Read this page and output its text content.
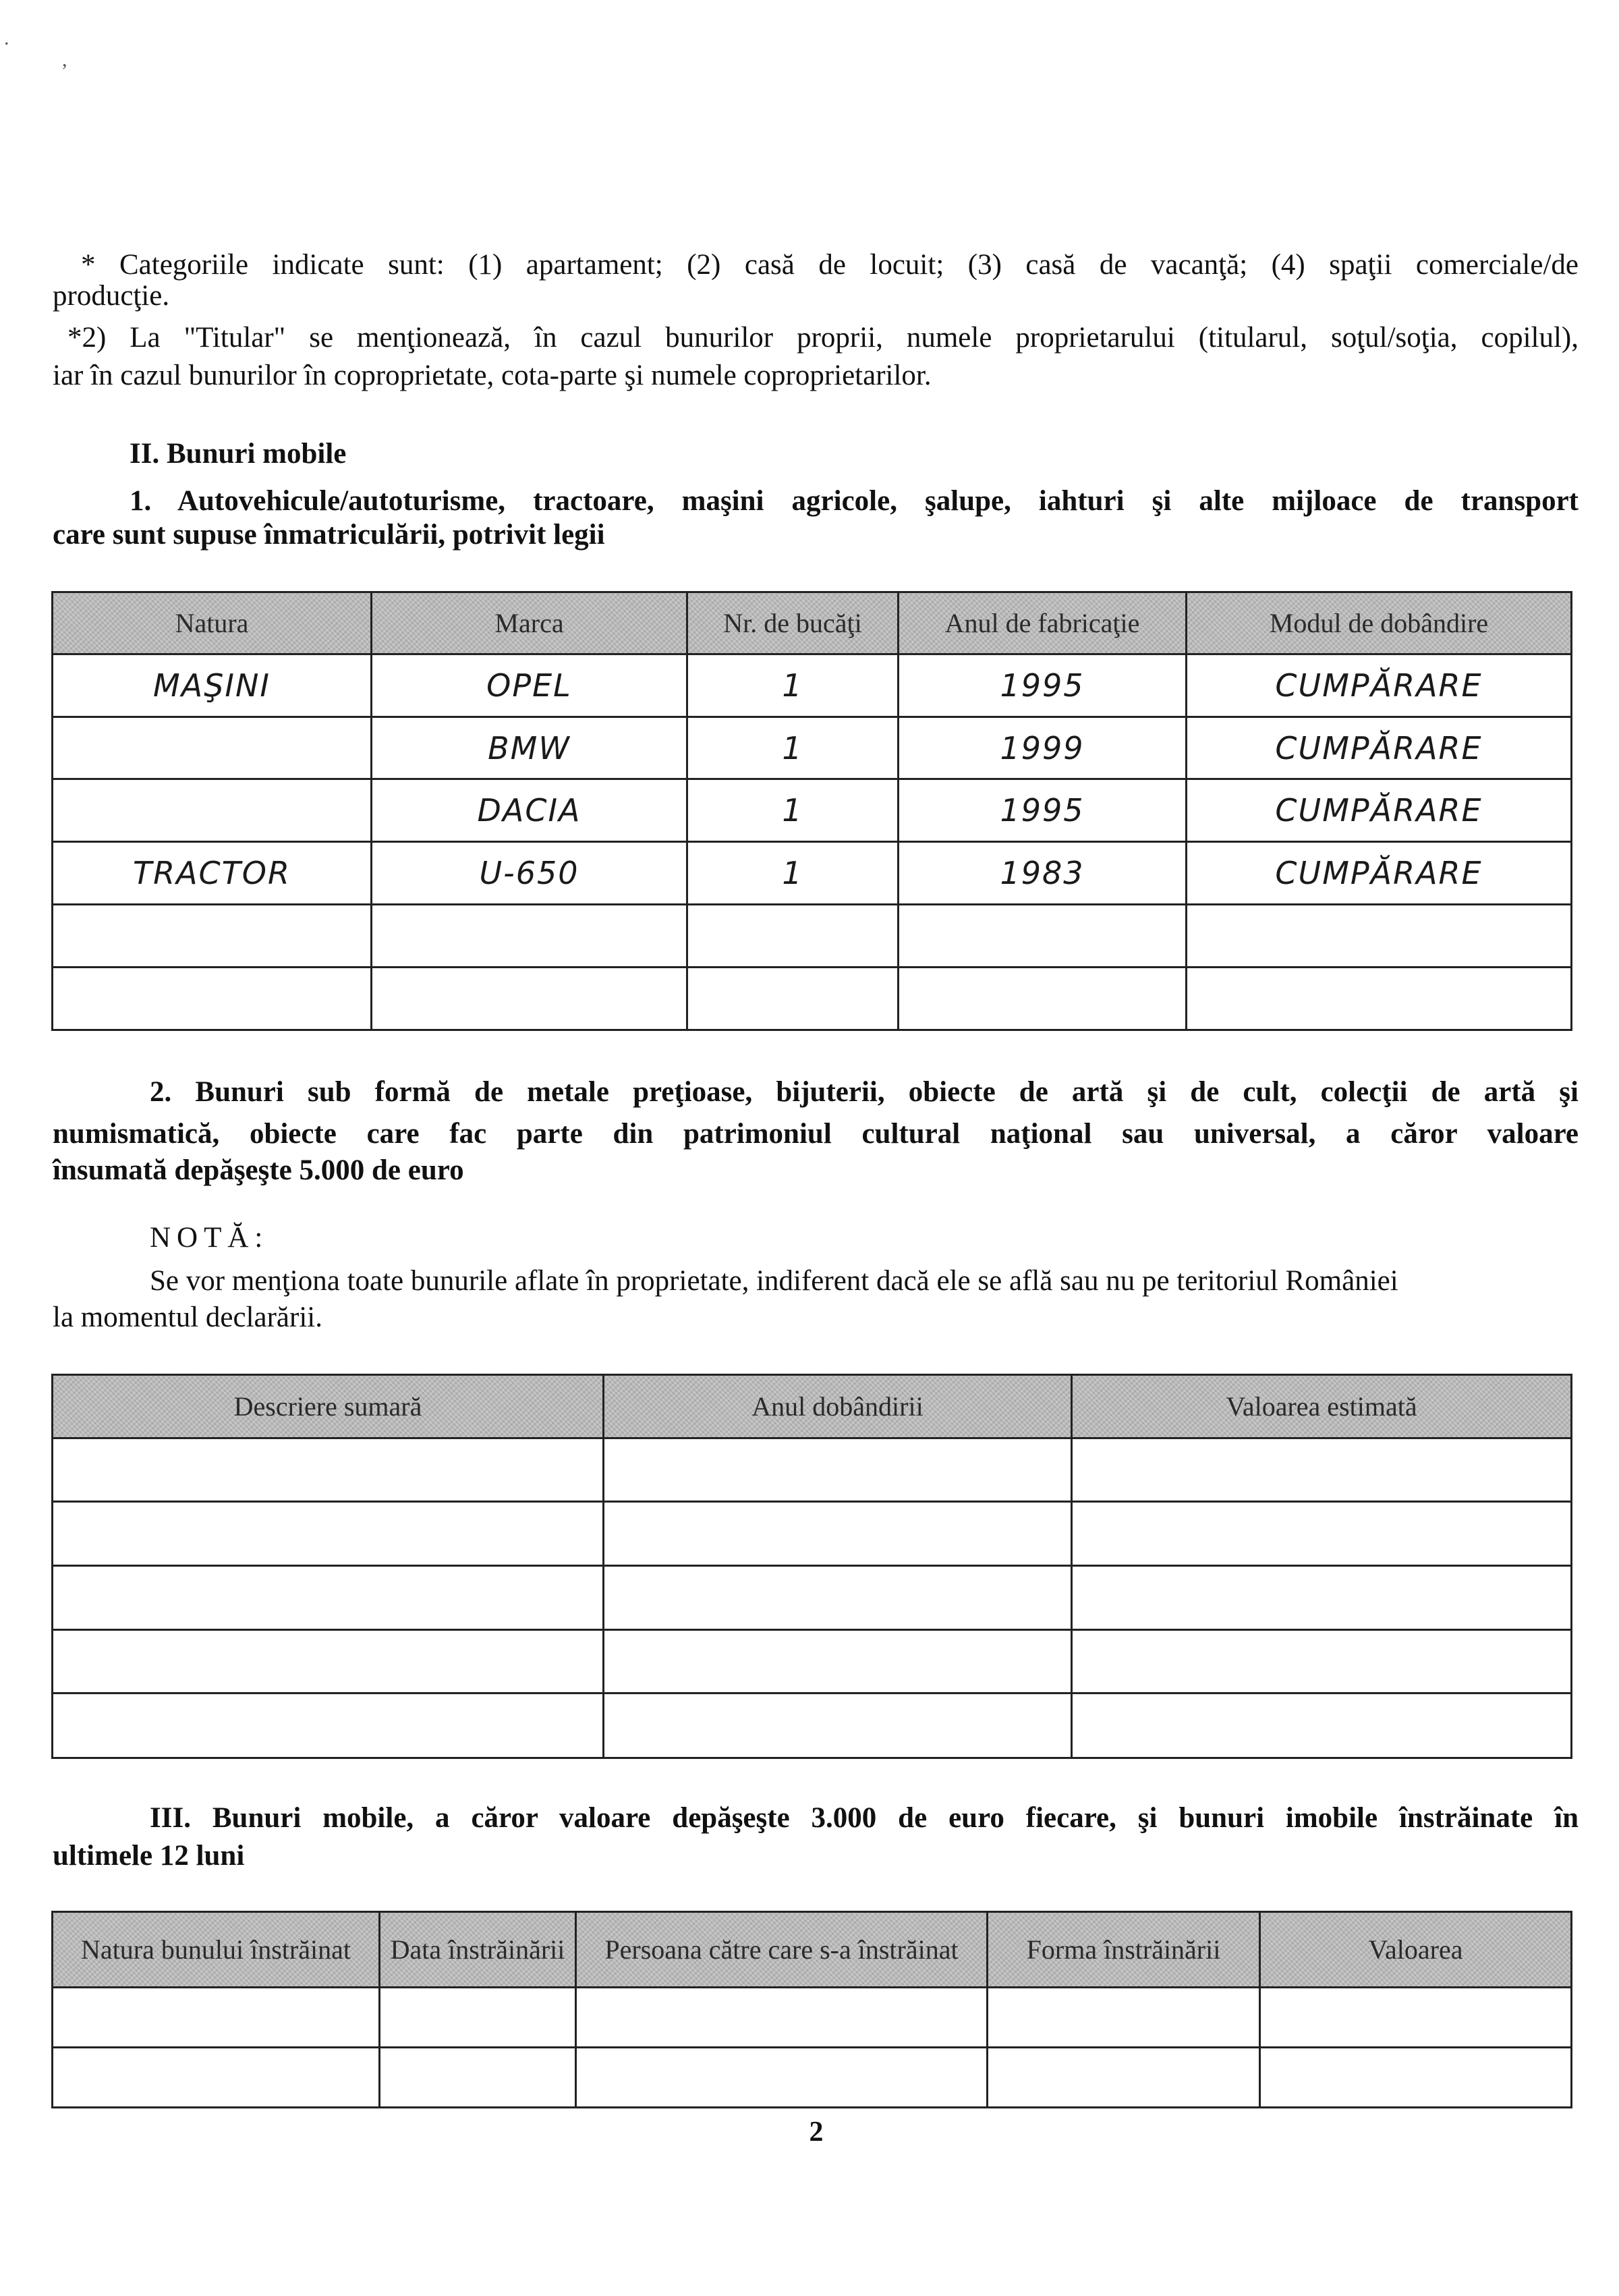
.
,
* Categoriile indicate sunt: (1) apartament; (2) casă de locuit; (3) casă de vacanţă; (4) spaţii comerciale/de
producţie.
*2) La "Titular" se menţionează, în cazul bunurilor proprii, numele proprietarului (titularul, soţul/soţia, copilul),
iar în cazul bunurilor în coproprietate, cota-parte şi numele coproprietarilor.
II. Bunuri mobile
1. Autovehicule/autoturisme, tractoare, maşini agricole, şalupe, iahturi şi alte mijloace de transport
care sunt supuse înmatriculării, potrivit legii
Natura	Marca	Nr. de bucăţi	Anul de fabricaţie	Modul de dobândire
MAŞINI	OPEL	1	1995	CUMPĂRARE
	BMW	1	1999	CUMPĂRARE
	DACIA	1	1995	CUMPĂRARE
TRACTOR	U-650	1	1983	CUMPĂRARE

2. Bunuri sub formă de metale preţioase, bijuterii, obiecte de artă şi de cult, colecţii de artă şi
numismatică, obiecte care fac parte din patrimoniul cultural naţional sau universal, a căror valoare
însumată depăşeşte 5.000 de euro
NOTĂ:
Se vor menţiona toate bunurile aflate în proprietate, indiferent dacă ele se află sau nu pe teritoriul României
la momentul declarării.
Descriere sumară	Anul dobândirii	Valoarea estimată

III. Bunuri mobile, a căror valoare depăşeşte 3.000 de euro fiecare, şi bunuri imobile înstrăinate în
ultimele 12 luni
Natura bunului înstrăinat	Data înstrăinării	Persoana către care s-a înstrăinat	Forma înstrăinării	Valoarea

2
